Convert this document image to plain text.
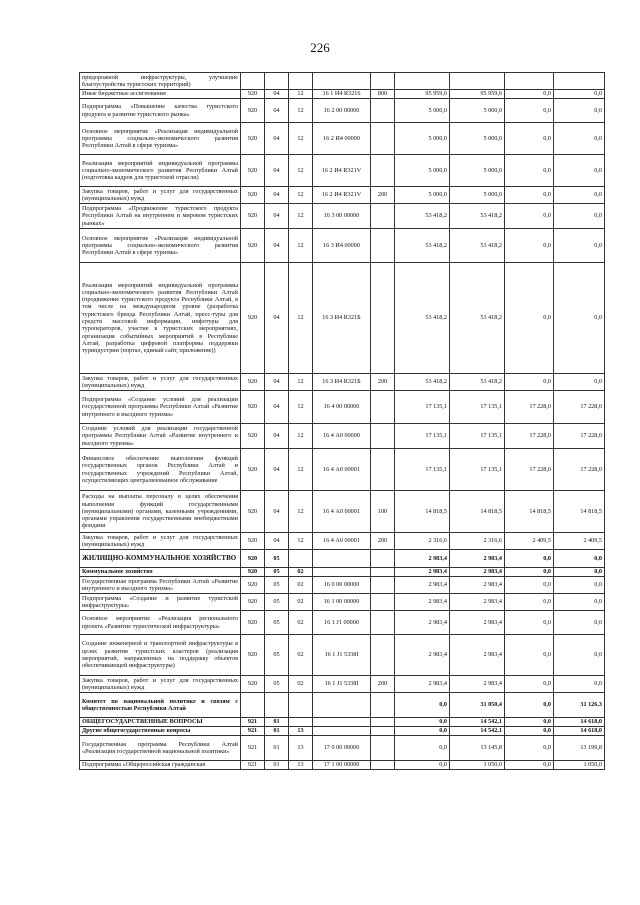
226
придорожной инфраструктуры, улучшение благоустройства туристских территорий)									
Иные бюджетные ассигнования	920	04	12	16 1 И4 R3216	800	95 959,6	95 959,6	0,0	0,0
Подпрограмма «Повышение качества туристского продукта и развитие туристского рынка»	920	04	12	16 2 00 00000		5 000,0	5 000,0	0,0	0,0
Основное мероприятие «Реализация индивидуальной программы социально-экономического развития Республики Алтай в сфере туризма»	920	04	12	16 2 И4 00000		5 000,0	5 000,0	0,0	0,0
Реализация мероприятий индивидуальной программы социально-экономического развития Республики Алтай (подготовка кадров для туристской отрасли)	920	04	12	16 2 И4 R321V		5 000,0	5 000,0	0,0	0,0
Закупка товаров, работ и услуг для государственных (муниципальных) нужд	920	04	12	16 2 И4 R321V	200	5 000,0	5 000,0	0,0	0,0
Подпрограмма «Продвижение туристского продукта Республики Алтай на внутреннем и мировом туристских рынках»	920	04	12	16 3 00 00000		53 418,2	53 418,2	0,0	0,0
Основное мероприятие «Реализация индивидуальной программы социально-экономического развития Республики Алтай в сфере туризма»	920	04	12	16 3 И4 00000		53 418,2	53 418,2	0,0	0,0
Реализация мероприятий индивидуальной программы социально-экономического развития Республики Алтай (продвижение туристского продукта Республики Алтай, в том числе на международном уровне (разработка туристского бренда Республики Алтай, пресс-туры для средств массовой информации, инфотуры для туроператоров, участие в туристских мероприятиях, организация событийных мероприятий в Республике Алтай, разработка цифровой платформы поддержки туриндустрии (портал, единый сайт, приложение))	920	04	12	16 3 И4 R321Б		53 418,2	53 418,2	0,0	0,0
Закупка товаров, работ и услуг для государственных (муниципальных) нужд	920	04	12	16 3 И4 R321Б	200	53 418,2	53 418,2	0,0	0,0
Подпрограмма «Создание условий для реализации государственной программы Республики Алтай «Развитие внутреннего и въездного туризма»	920	04	12	16 4 00 00000		17 135,1	17 135,1	17 228,0	17 228,0
Создание условий для реализации государственной программы Республики Алтай «Развитие внутреннего и въездного туризма»	920	04	12	16 4 А0 00000		17 135,1	17 135,1	17 228,0	17 228,0
Финансовое обеспечение выполнения функций государственных органов Республики Алтай и государственных учреждений Республики Алтай, осуществляющих централизованное обслуживание	920	04	12	16 4 А0 00001		17 135,1	17 135,1	17 228,0	17 228,0
Расходы на выплаты персоналу в целях обеспечения выполнения функций государственными (муниципальными) органами, казенными учреждениями, органами управления государственными внебюджетными фондами	920	04	12	16 4 А0 00001	100	14 818,5	14 818,5	14 818,5	14 818,5
Закупка товаров, работ и услуг для государственных (муниципальных) нужд	920	04	12	16 4 А0 00001	200	2 316,6	2 316,6	2 409,5	2 409,5
ЖИЛИЩНО-КОММУНАЛЬНОЕ ХОЗЯЙСТВО	920	05				2 983,4	2 983,4	0,0	0,0
Коммунальное хозяйство	920	05	02			2 983,4	2 983,4	0,0	0,0
Государственная программа Республики Алтай «Развитие внутреннего и въездного туризма»	920	05	02	16 0 00 00000		2 983,4	2 983,4	0,0	0,0
Подпрограмма «Создание и развитие туристской инфраструктуры»	920	05	02	16 1 00 00000		2 983,4	2 983,4	0,0	0,0
Основное мероприятие «Реализация регионального проекта «Развитие туристической инфраструктуры»	920	05	02	16 1 J1 00000		2 983,4	2 983,4	0,0	0,0
Создание инженерной и транспортной инфраструктуры в целях развития туристских кластеров (реализация мероприятий, направленных на поддержку объектов обеспечивающей инфраструктуры)	920	05	02	16 1 J1 5338I		2 983,4	2 983,4	0,0	0,0
Закупка товаров, работ и услуг для государственных (муниципальных) нужд	920	05	02	16 1 J1 5338I	200	2 983,4	2 983,4	0,0	0,0
Комитет по национальной политике и связям с общественностью Республики Алтай						0,0	31 050,4	0,0	31 126,3
ОБЩЕГОСУДАРСТВЕННЫЕ ВОПРОСЫ	921	01				0,0	14 542,1	0,0	14 618,0
Другие общегосударственные вопросы	921	01	13			0,0	14 542,1	0,0	14 618,0
Государственная программа Республики Алтай «Реализация государственной национальной политики»	921	01	13	17 0 00 00000		0,0	13 145,8	0,0	13 199,8
Подпрограмма «Общероссийская гражданская	921	01	13	17 1 00 00000		0,0	1 050,0	0,0	1 050,0
